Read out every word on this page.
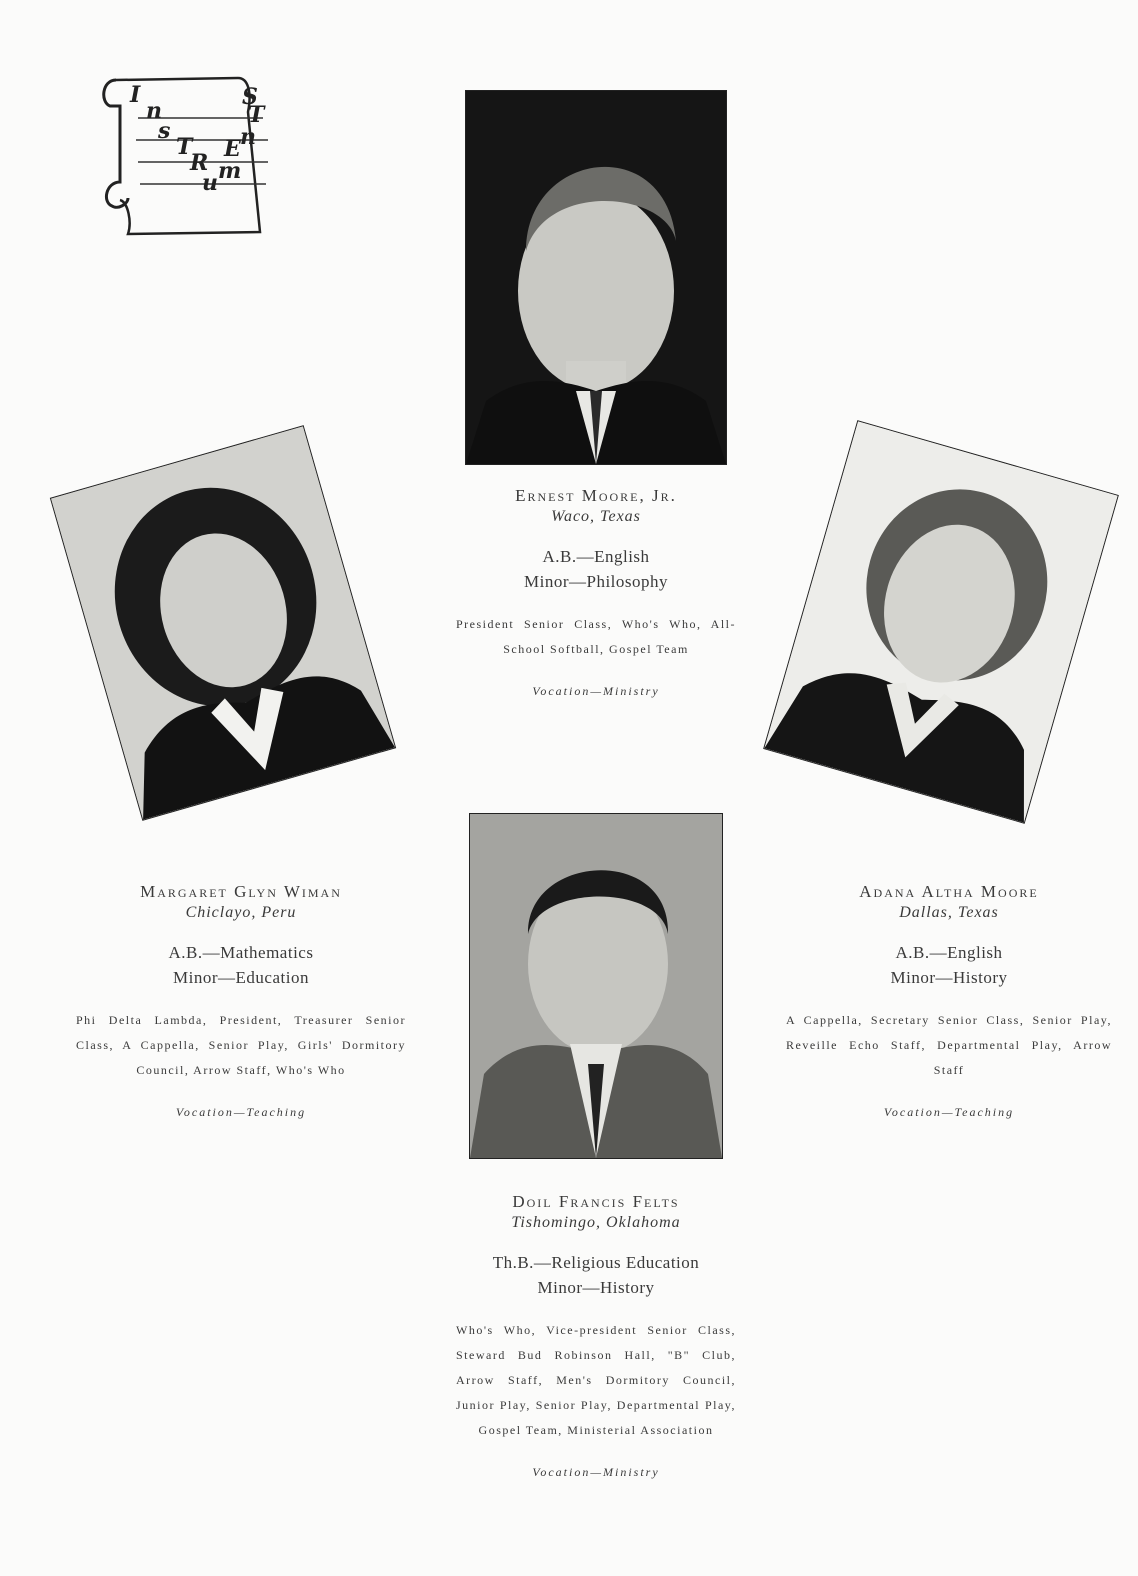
I
n
s
T
R
u m
E n
T
S
Ernest Moore, Jr.
Waco, Texas
A.B.—English
Minor—Philosophy
President Senior Class, Who's Who, All-School Softball, Gospel Team
Vocation—Ministry
Margaret Glyn Wiman
Chiclayo, Peru
A.B.—Mathematics
Minor—Education
Phi Delta Lambda, President, Treasurer Senior Class, A Cappella, Senior Play, Girls' Dormitory Council, Arrow Staff, Who's Who
Vocation—Teaching
Adana Altha Moore
Dallas, Texas
A.B.—English
Minor—History
A Cappella, Secretary Senior Class, Senior Play, Reveille Echo Staff, Departmental Play, Arrow Staff
Vocation—Teaching
Doil Francis Felts
Tishomingo, Oklahoma
Th.B.—Religious Education
Minor—History
Who's Who, Vice-president Senior Class, Steward Bud Robinson Hall, "B" Club, Arrow Staff, Men's Dormitory Council, Junior Play, Senior Play, Departmental Play, Gospel Team, Ministerial Association
Vocation—Ministry
